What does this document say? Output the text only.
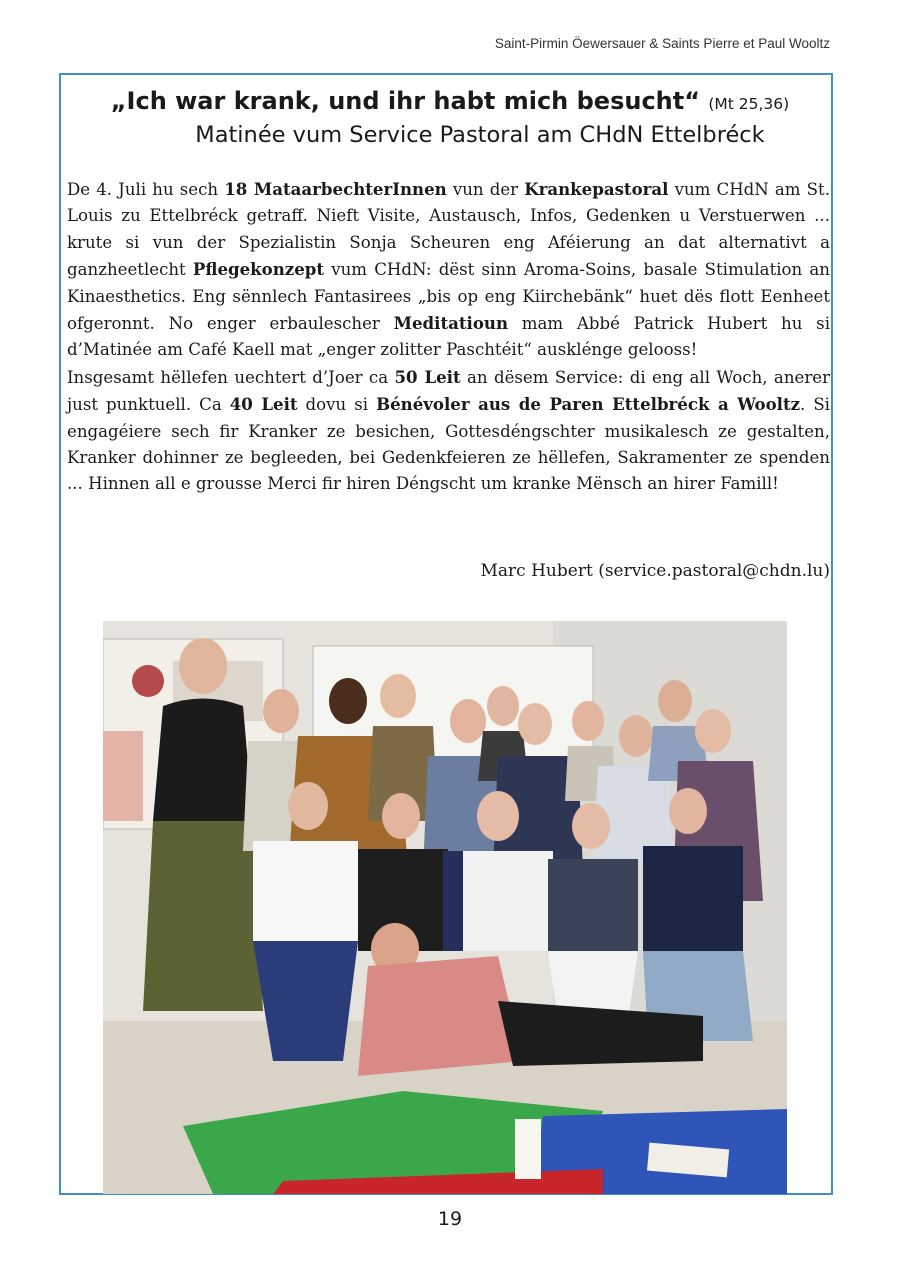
Saint-Pirmin Öewersauer & Saints Pierre et Paul Wooltz
„Ich war krank, und ihr habt mich besucht“ (Mt 25,36)
Matinée vum Service Pastoral am CHdN Ettelbréck

De 4. Juli hu sech 18 MataarbechterInnen vun der Krankepastoral vum CHdN am St. Louis zu Ettelbréck getraff. Nieft Visite, Austausch, Infos, Gedenken u Verstuerwen ... krute si vun der Spezialistin Sonja Scheuren eng Aféierung an dat alternativt a ganzheetlecht Pflegekonzept vum CHdN: dëst sinn Aroma-Soins, basale Stimulation an Kinaesthetics. Eng sënnlech Fantasirees „bis op eng Kiirchebänk“ huet dës flott Eenheet ofgeronnt. No enger erbaulescher Meditatioun mam Abbé Patrick Hubert hu si d’Matinée am Café Kaell mat „enger zolitter Paschtéit“ ausklénge gelooss!

Insgesamt hëllefen uechtert d’Joer ca 50 Leit an dësem Service: di eng all Woch, anerer just punktuell. Ca 40 Leit dovu si Bénévoler aus de Paren Ettelbréck a Wooltz. Si engagéiere sech fir Kranker ze besichen, Gottesdéngschter musikalesch ze gestalten, Kranker dohinner ze begleeden, bei Gedenkfeieren ze hëllefen, Sakramenter ze spenden ... Hinnen all e grousse Merci fir hiren Déngscht um kranke Mënsch an hirer Famill!

Marc Hubert (service.pastoral@chdn.lu)
19
